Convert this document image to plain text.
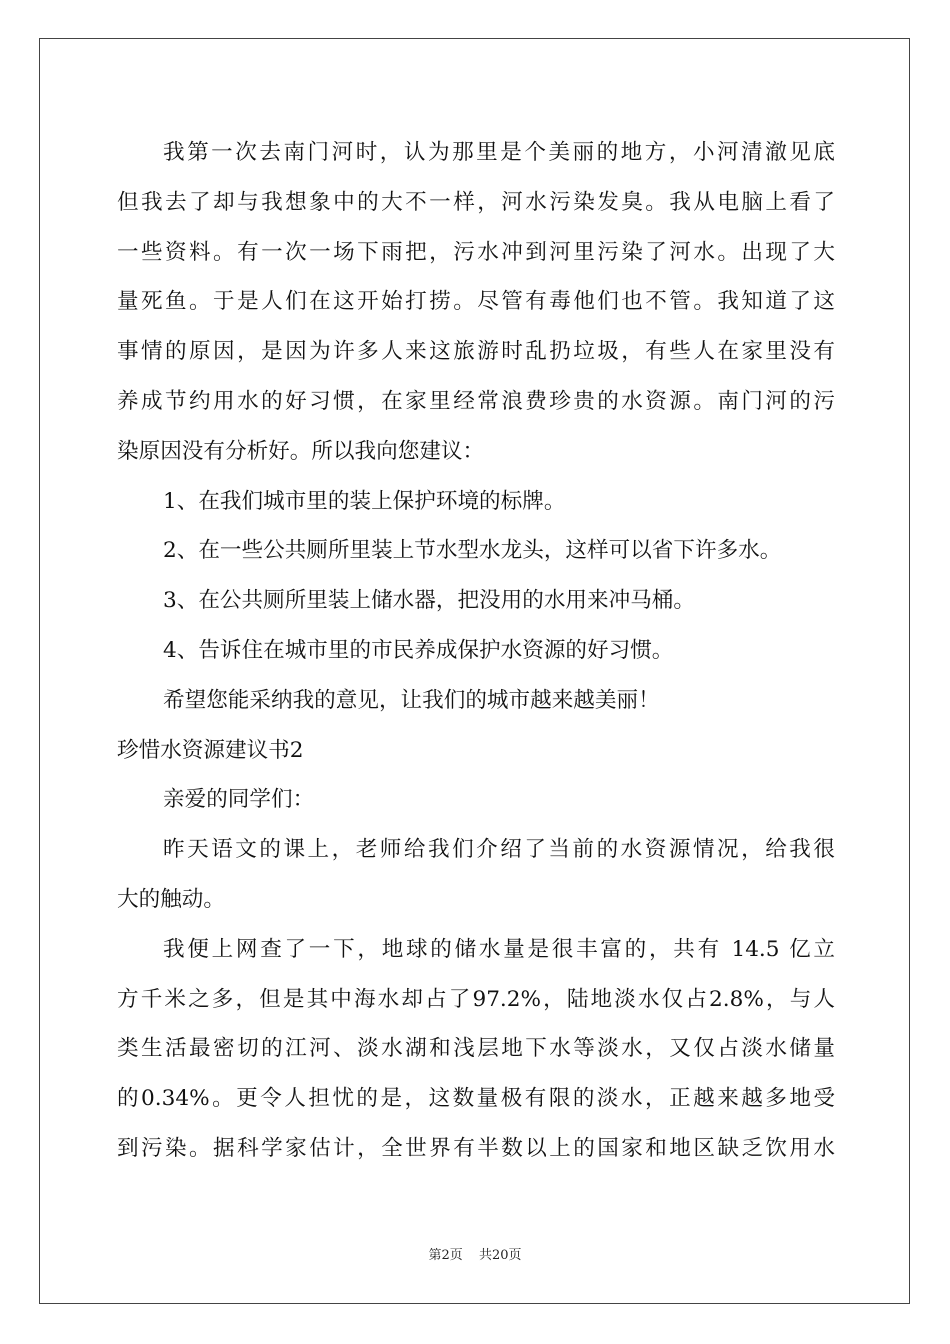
我第一次去南门河时，认为那里是个美丽的地方，小河清澈见底
但我去了却与我想象中的大不一样，河水污染发臭。我从电脑上看了
一些资料。有一次一场下雨把，污水冲到河里污染了河水。出现了大
量死鱼。于是人们在这开始打捞。尽管有毒他们也不管。我知道了这
事情的原因，是因为许多人来这旅游时乱扔垃圾，有些人在家里没有
养成节约用水的好习惯，在家里经常浪费珍贵的水资源。南门河的污
染原因没有分析好。所以我向您建议：
1、在我们城市里的装上保护环境的标牌。
2、在一些公共厕所里装上节水型水龙头，这样可以省下许多水。
3、在公共厕所里装上储水器，把没用的水用来冲马桶。
4、告诉住在城市里的市民养成保护水资源的好习惯。
希望您能采纳我的意见，让我们的城市越来越美丽！
珍惜水资源建议书2
亲爱的同学们：
昨天语文的课上，老师给我们介绍了当前的水资源情况，给我很
大的触动。
我便上网查了一下，地球的储水量是很丰富的，共有 14.5 亿立
方千米之多，但是其中海水却占了97.2%，陆地淡水仅占2.8%，与人
类生活最密切的江河、淡水湖和浅层地下水等淡水，又仅占淡水储量
的0.34%。更令人担忧的是，这数量极有限的淡水，正越来越多地受
到污染。据科学家估计，全世界有半数以上的国家和地区缺乏饮用水
第2页 共20页
